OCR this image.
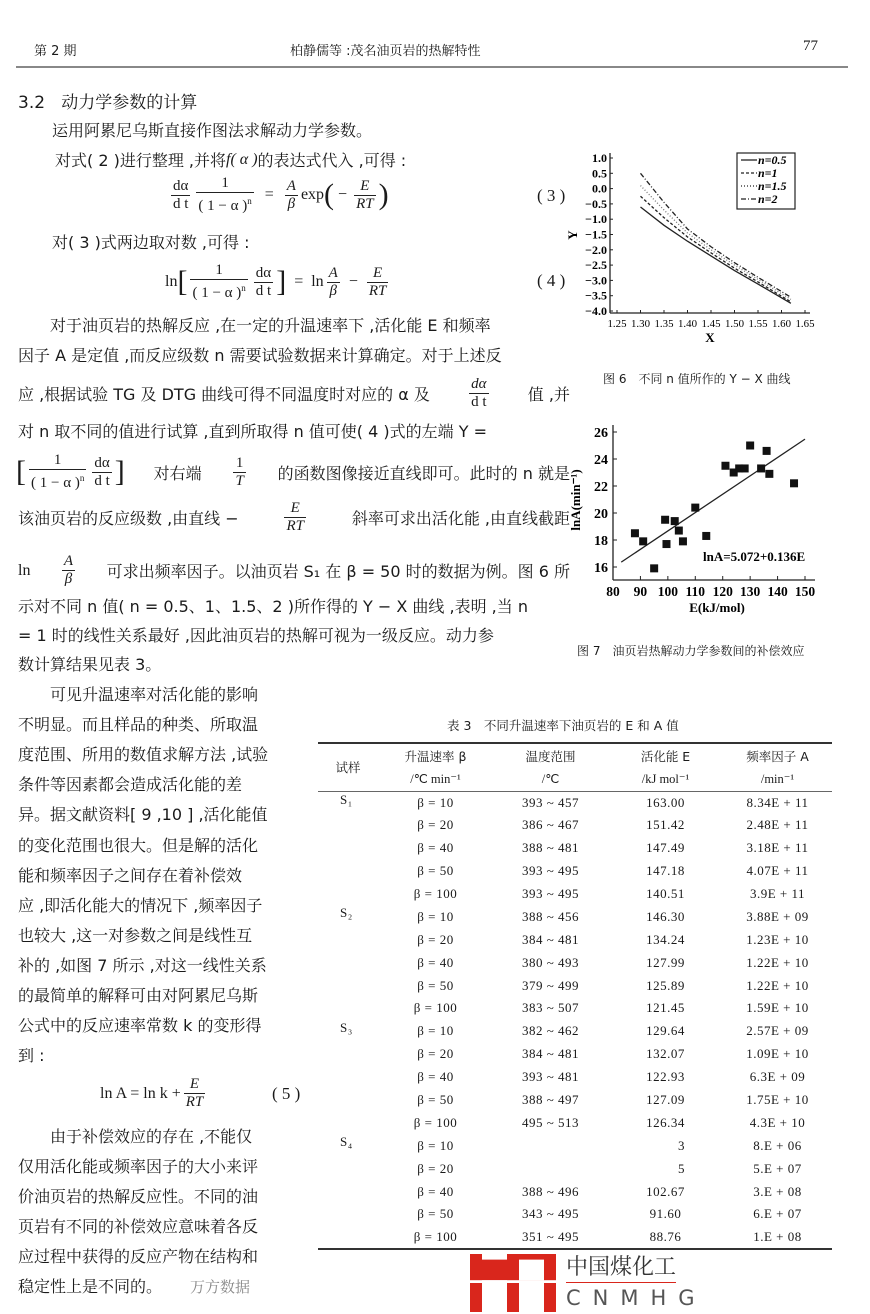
第 2 期	柏静儒等 :茂名油页岩的热解特性	77
3.2 动力学参数的计算
运用阿累尼乌斯直接作图法求解动力学参数。
对式( 2 )进行整理 ,并将 f( α ) 的表达式代入 ,可得 :
$\frac{d\alpha}{\text{d t}} \frac{1}{( 1 - \alpha )^n} = \frac{A}{\beta}$ exp ( − $\frac{E}{RT}$ )	( 3 )
对( 3 )式两边取对数 ,可得 :
ln [ $\frac{1}{( 1 - \alpha )^n} \frac{d\alpha}{\text{d t}}$ ] = $\ln \frac{A}{\beta} - \frac{E}{RT}$	( 4 )
对于油页岩的热解反应 ,在一定的升温速率下 ,活化能 E 和频率
因子 A 是定值 ,而反应级数 n 需要试验数据来计算确定。对于上述反
应 ,根据试验 TG 及 DTG 曲线可得不同温度时对应的 α 及	$\frac{d\alpha}{\text{d t}}$ 值 ,并
对 n 取不同的值进行试算 ,直到所取得 n 值可使( 4 )式的左端 Y =
[ $\frac{1}{( 1 - \alpha )^n} \frac{d\alpha}{\text{d t}}$ ] 对右端 $\frac{1}{T}$ 的函数图像接近直线即可。此时的 n 就是
该油页岩的反应级数 ,由直线 −	$\frac{E}{RT}$	斜率可求出活化能 ,由直线截距
$\ln \frac{A}{\beta}$ 可求出频率因子。以油页岩 S₁ 在 β = 50 时的数据为例。图 6 所
示对不同 n 值( n = 0.5、1、1.5、2 )所作得的 Y − X 曲线 ,表明 ,当 n
= 1 时的线性关系最好 ,因此油页岩的热解可视为一级反应。动力参
数计算结果见表 3。
1.0
0.5
0.0
−0.5
−1.0
−1.5
−2.0
−2.5
−3.0
−3.5
−4.0
1.25 1.30 1.35 1.40 1.45 1.50 1.55 1.60 1.65
X
Y
n=0.5
n=1
n=1.5
n=2
图 6　不同 n 值所作的 Y − X 曲线
16
18
20
22
24
26
80 90 100 110 120 130 140 150
E(kJ/mol)
lnA(min⁻¹)
lnA=5.072+0.136E
图 7　油页岩热解动力学参数间的补偿效应
可见升温速率对活化能的影响
不明显。而且样品的种类、所取温
度范围、所用的数值求解方法 ,试验
条件等因素都会造成活化能的差
异。据文献资料[ 9 ,10 ] ,活化能值
的变化范围也很大。但是解的活化
能和频率因子之间存在着补偿效
应 ,即活化能大的情况下 ,频率因子
也较大 ,这一对参数之间是线性互
补的 ,如图 7 所示 ,对这一线性关系
的最简单的解释可由对阿累尼乌斯
公式中的反应速率常数 k 的变形得
到 :
$\ln A = \ln k + \frac{E}{RT}$	( 5 )
由于补偿效应的存在 ,不能仅
仅用活化能或频率因子的大小来评
价油页岩的热解反应性。不同的油
页岩有不同的补偿效应意味着各反
应过程中获得的反应产物在结构和
稳定性上是不同的。 万方数据
表 3　不同升温速率下油页岩的 E 和 A 值
试样	升温速率 β	温度范围	活化能 E	频率因子 A
	/℃ min⁻¹	/℃	/kJ mol⁻¹	/min⁻¹
S₁	β = 10	393 ~ 457	163.00	8.34E + 11
	β = 20	386 ~ 467	151.42	2.48E + 11
	β = 40	388 ~ 481	147.49	3.18E + 11
	β = 50	393 ~ 495	147.18	4.07E + 11
	β = 100	393 ~ 495	140.51	3.9E + 11
S₂	β = 10	388 ~ 456	146.30	3.88E + 09
	β = 20	384 ~ 481	134.24	1.23E + 10
	β = 40	380 ~ 493	127.99	1.22E + 10
	β = 50	379 ~ 499	125.89	1.22E + 10
	β = 100	383 ~ 507	121.45	1.59E + 10
S₃	β = 10	382 ~ 462	129.64	2.57E + 09
	β = 20	384 ~ 481	132.07	1.09E + 10
	β = 40	393 ~ 481	122.93	6.3E + 09
	β = 50	388 ~ 497	127.09	1.75E + 10
	β = 100	495 ~ 513	126.34	4.3E + 10
S₄	β = 10		3	8.E + 06
	β = 20		5	5.E + 07
	β = 40	388 ~ 496	102.67	3.E + 08
	β = 50	343 ~ 495	91.60	6.E + 07
	β = 100	351 ~ 495	88.76	1.E + 08
中国煤化工
CNMHG
